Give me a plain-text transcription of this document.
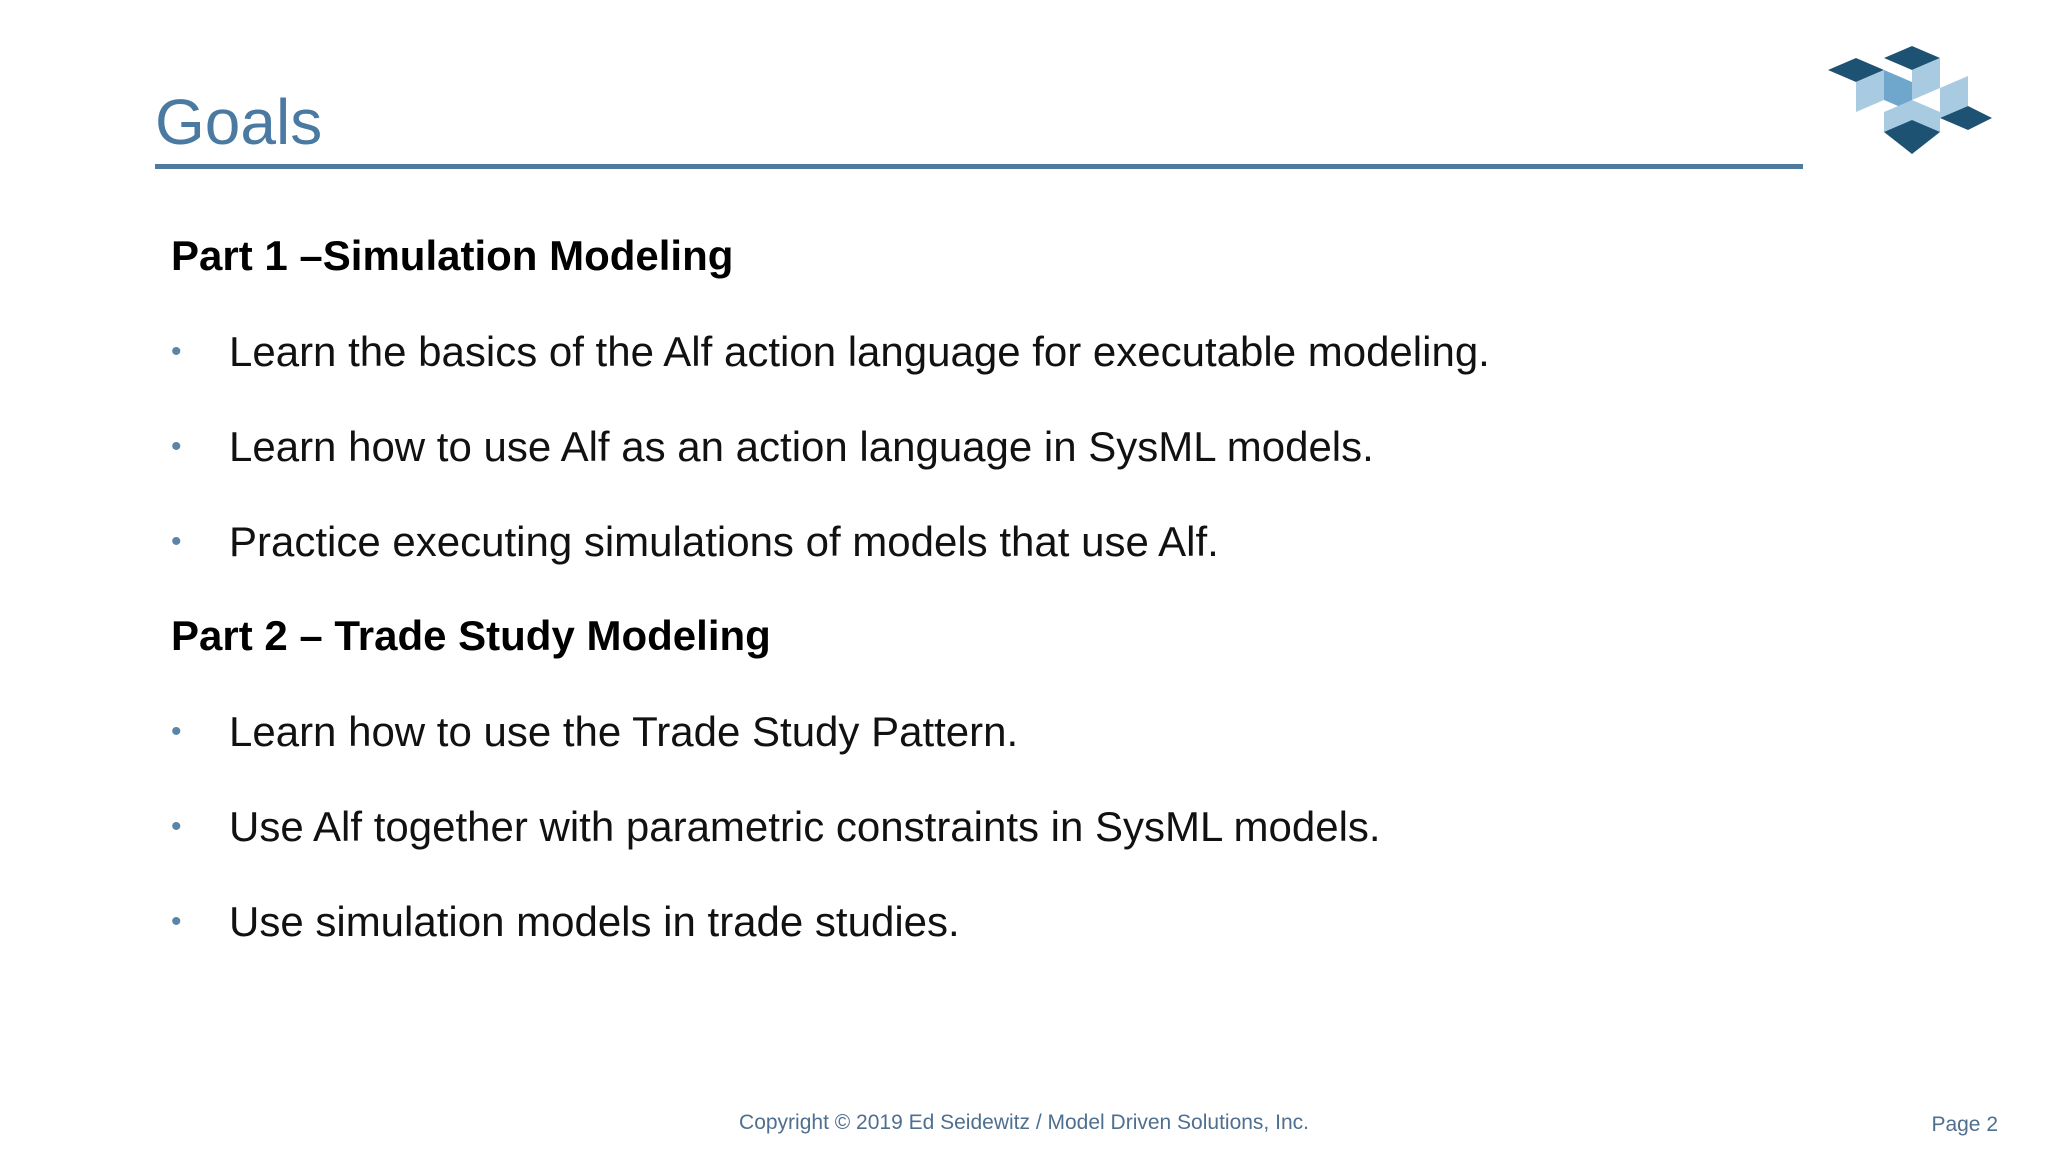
Goals
Part 1 –Simulation Modeling
• Learn the basics of the Alf action language for executable modeling.
• Learn how to use Alf as an action language in SysML models.
• Practice executing simulations of models that use Alf.
Part 2 – Trade Study Modeling
• Learn how to use the Trade Study Pattern.
• Use Alf together with parametric constraints in SysML models.
• Use simulation models in trade studies.
Copyright © 2019 Ed Seidewitz / Model Driven Solutions, Inc.	Page 2
